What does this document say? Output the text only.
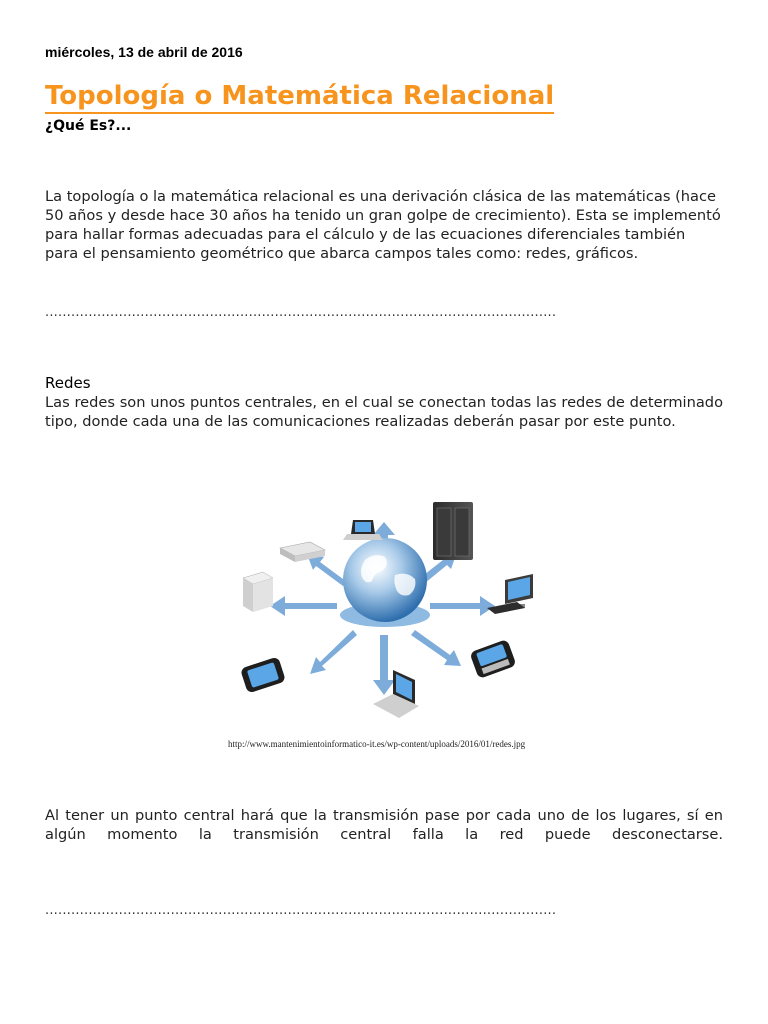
miércoles, 13 de abril de 2016
Topología o Matemática Relacional
¿Qué Es?...

La topología o la matemática relacional es una derivación clásica de las matemáticas (hace 50 años y desde hace 30 años ha tenido un gran golpe de crecimiento). Esta se implementó para hallar formas adecuadas para el cálculo y de las ecuaciones diferenciales también para el pensamiento geométrico que abarca campos tales como: redes, gráficos.

......................................................................................................................
Redes

Las redes son unos puntos centrales, en el cual se conectan todas las redes de determinado tipo, donde cada una de las comunicaciones realizadas deberán pasar por este punto.

http://www.mantenimientoinformatico-it.es/wp-content/uploads/2016/01/redes.jpg

Al tener un punto central hará que la transmisión pase por cada uno de los lugares, sí en algún momento la transmisión central falla la red puede desconectarse.

......................................................................................................................
